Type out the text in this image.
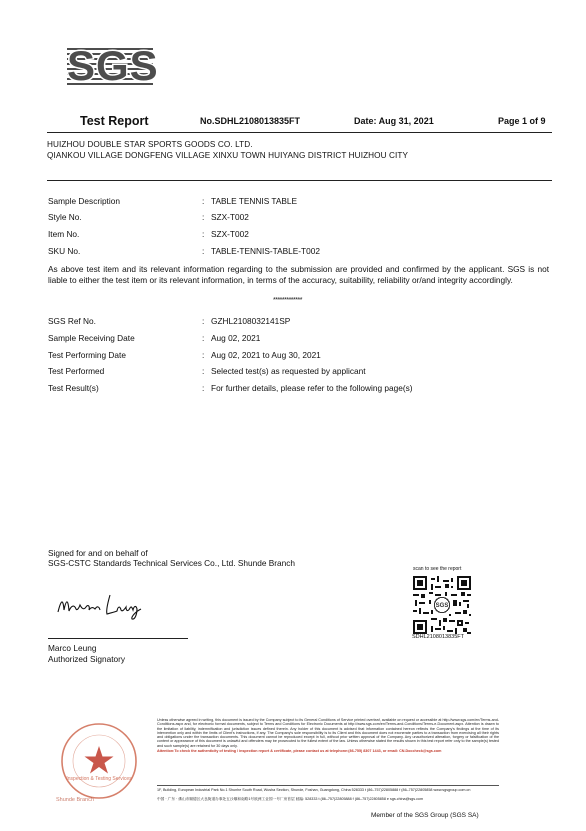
SGS
Test Report	No.SDHL2108013835FT	Date: Aug 31, 2021	Page 1 of 9
HUIZHOU DOUBLE STAR SPORTS GOODS CO. LTD.
QIANKOU VILLAGE DONGFENG VILLAGE XINXU TOWN HUIYANG DISTRICT HUIZHOU CITY
Sample Description	: TABLE TENNIS TABLE
Style No.	: SZX-T002
Item No.	: SZX-T002
SKU No.	: TABLE-TENNIS-TABLE-T002
As above test item and its relevant information regarding to the submission are provided and confirmed by the applicant. SGS is not liable to either the test item or its relevant information, in terms of the accuracy, suitability, reliability or/and integrity accordingly.
*************
SGS Ref No.	: GZHL2108032141SP
Sample Receiving Date	: Aug 02, 2021
Test Performing Date	: Aug 02, 2021 to Aug 30, 2021
Test Performed	: Selected test(s) as requested by applicant
Test Result(s)	: For further details, please refer to the following page(s)
Signed for and on behalf of
SGS-CSTC Standards Technical Services Co., Ltd. Shunde Branch
Marco Leung
Authorized Signatory
scan to see the report
SGS
SDHL2108013835FT
Inspection & Testing Services
Shunde Branch
Unless otherwise agreed in writing, this document is issued by the Company subject to its General Conditions of Service printed overleaf, available on request or accessible at http://www.sgs.com/en/Terms-and-Conditions.aspx and, for electronic format documents, subject to Terms and Conditions for Electronic Documents at http://www.sgs.com/en/Terms-and-Conditions/Terms-e-Document.aspx. Attention is drawn to the limitation of liability, indemnification and jurisdiction issues defined therein. Any holder of this document is advised that information contained hereon reflects the Company's findings at the time of its intervention only and within the limits of Client's instructions, if any. The Company's sole responsibility is to its Client and this document does not exonerate parties to a transaction from exercising all their rights and obligations under the transaction documents. This document cannot be reproduced except in full, without prior written approval of the Company. Any unauthorized alteration, forgery or falsification of the content or appearance of this document is unlawful and offenders may be prosecuted to the fullest extent of the law. Unless otherwise stated the results shown in this test report refer only to the sample(s) tested and such sample(s) are retained for 30 days only.
Attention:To check the authenticity of testing / inspection report & certificate, please contact us at telephone:(86-755) 8307 1443, or email: CN.Doccheck@sgs.com
1F, Building, European Industrial Park No.1 Shunhe South Road, Wusha Section, Shunde, Foshan, Guangdong, China 528333 t (86–757)22805888 f (86–757)22805858 www.sgsgroup.com.cn
中国 · 广东 · 佛山市顺德区大良街道办事处五沙顺和南路1号欧洲工业园一号厂房首层 邮编: 528333 t (86–757)22805888 f (86–757)22805858 e sgs.china@sgs.com
Member of the SGS Group (SGS SA)
